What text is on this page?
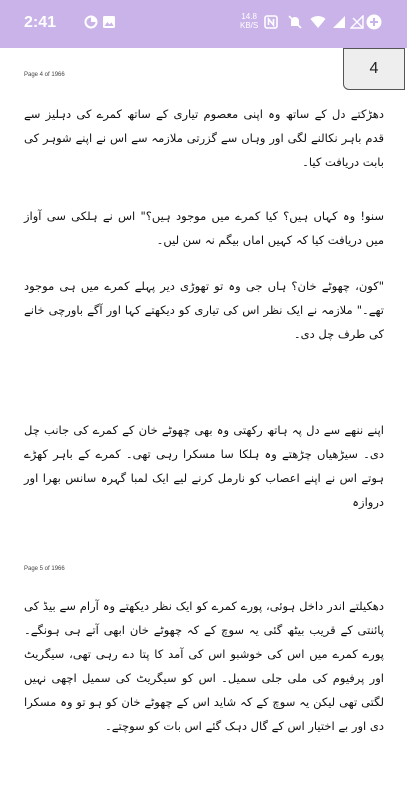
2:41	14.8
KB/S
4
Page 4 of 1966

دھڑکتے دل کے ساتھ وہ اپنی معصوم تیاری کے ساتھ کمرے کی دہلیز سے قدم باہر نکالنے لگی اور وہاں سے گزرتی ملازمہ سے اس نے اپنے شوہر کی بابت دریافت کیا۔

سنو! وہ کہاں ہیں؟ کیا کمرے میں موجود ہیں؟" اس نے ہلکی سی آواز میں دریافت کیا کہ کہیں اماں بیگم نہ سن لیں۔

"کون، چھوٹے خان؟ ہاں جی وہ تو تھوڑی دیر پہلے کمرے میں ہی موجود تھے۔" ملازمہ نے ایک نظر اس کی تیاری کو دیکھتے کہا اور آگے باورچی خانے کی طرف چل دی۔

اپنے ننھے سے دل پہ ہاتھ رکھتی وہ بھی چھوٹے خان کے کمرے کی جانب چل دی۔ سیڑھیاں چڑھتے وہ ہلکا سا مسکرا رہی تھی۔ کمرے کے باہر کھڑے ہوتے اس نے اپنے اعصاب کو نارمل کرنے لیے ایک لمبا گہرہ سانس بھرا اور دروازہ

Page 5 of 1966

دھکیلتے اندر داخل ہوئی، پورے کمرے کو ایک نظر دیکھتے وہ آرام سے بیڈ کی پائنتی کے قریب بیٹھ گئی یہ سوچ کے کہ چھوٹے خان ابھی آتے ہی ہونگے۔ پورے کمرے میں اس کی خوشبو اس کی آمد کا پتا دے رہی تھی، سیگریٹ اور پرفیوم کی ملی جلی سمیل۔ اس کو سیگریٹ کی سمیل اچھی نہیں لگتی تھی لیکن یہ سوچ کے کہ شاید اس کے چھوٹے خان کو ہو تو وہ مسکرا دی اور بے اختیار اس کے گال دہک گئے اس بات کو سوچتے۔
